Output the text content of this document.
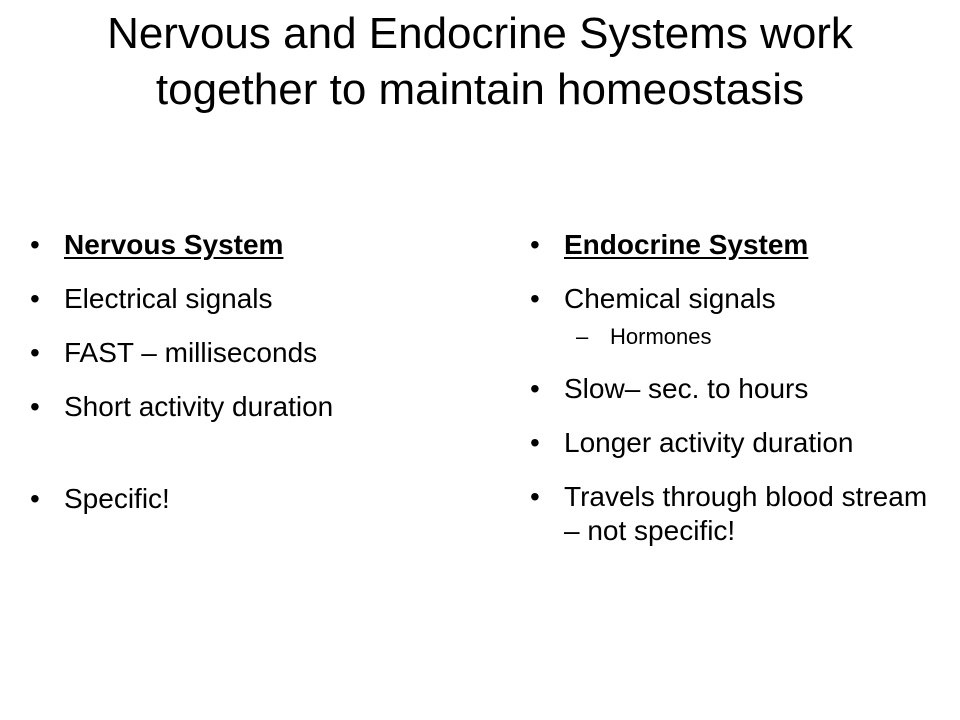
Nervous and Endocrine Systems work together to maintain homeostasis
• Nervous System
• Electrical signals
• FAST – milliseconds
• Short activity duration
• Specific!
• Endocrine System
• Chemical signals
– Hormones
• Slow– sec. to hours
• Longer activity duration
• Travels through blood stream – not specific!
